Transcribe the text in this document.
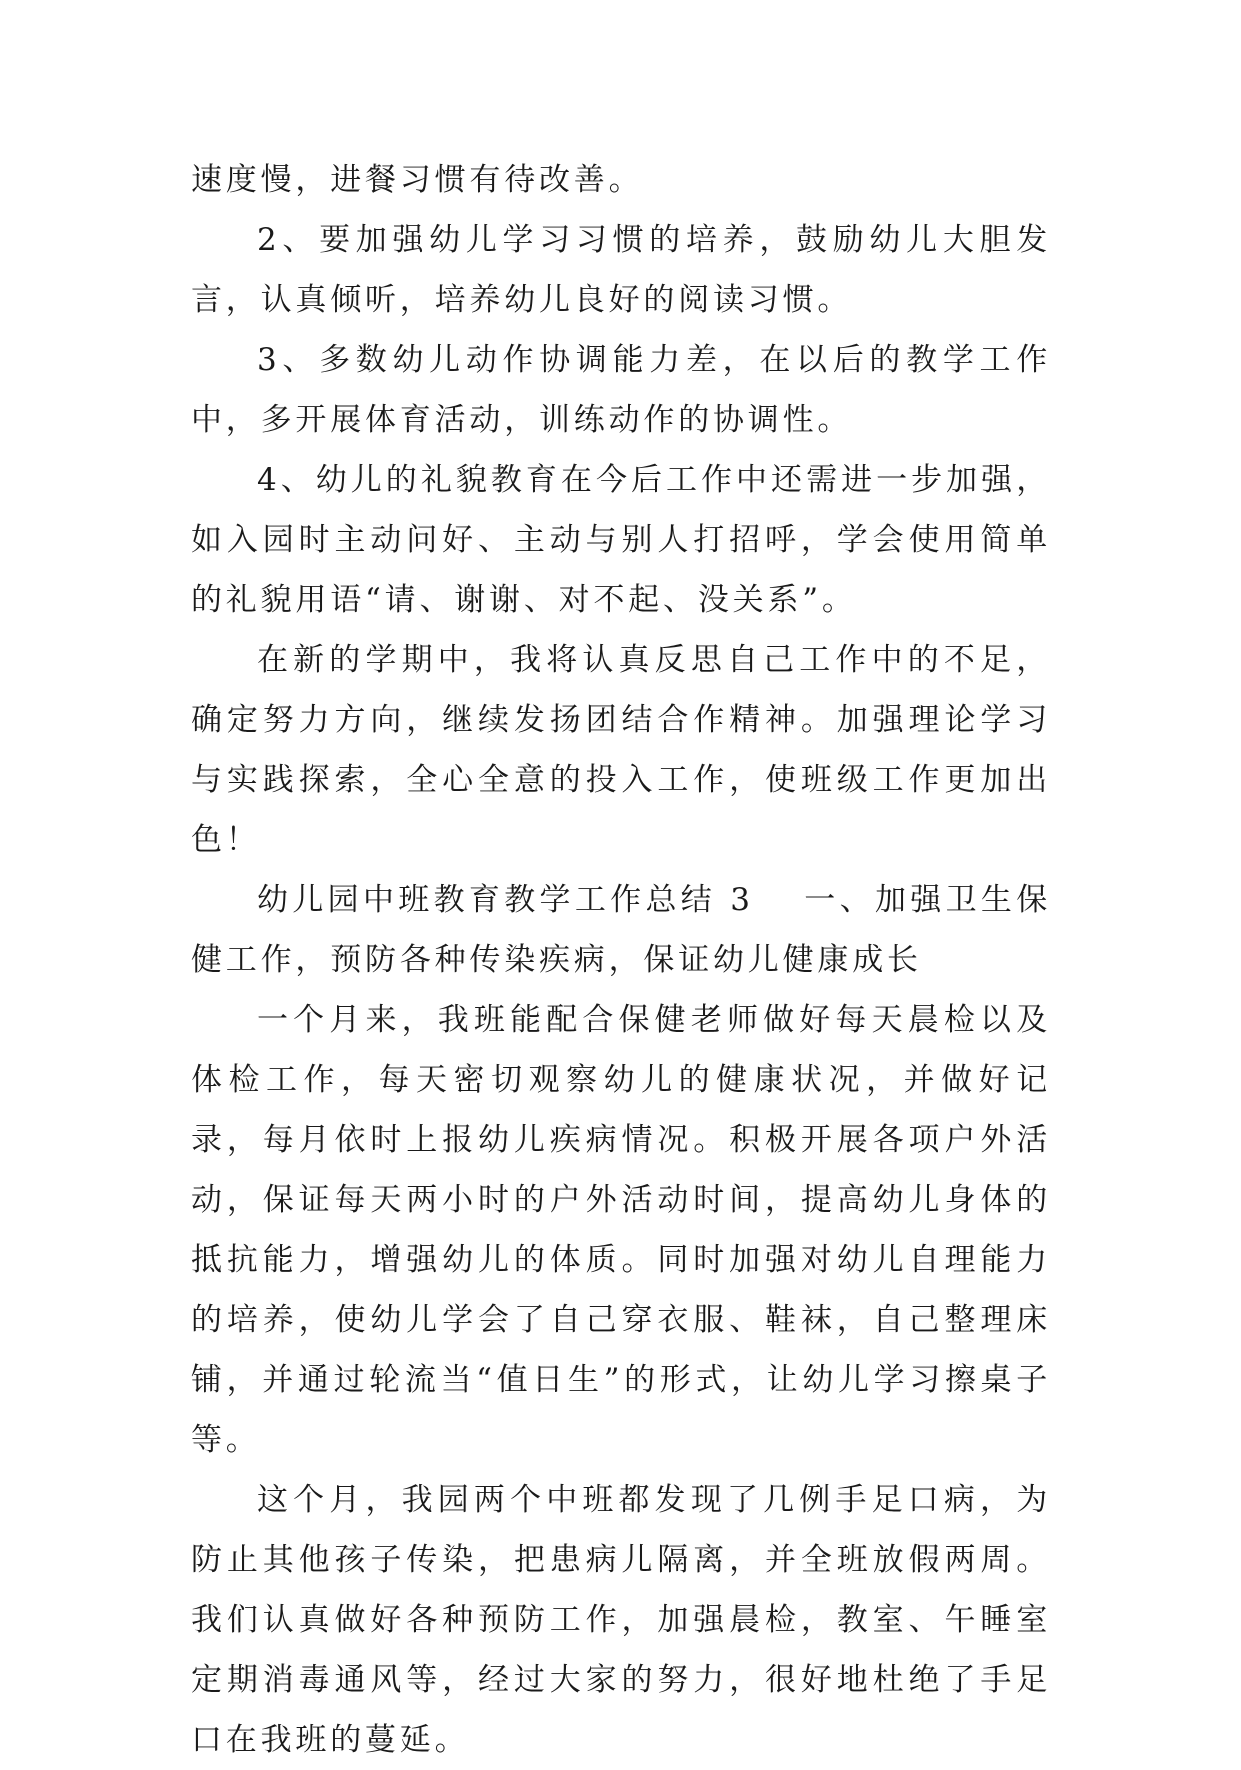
速度慢，进餐习惯有待改善。

2、要加强幼儿学习习惯的培养，鼓励幼儿大胆发言，认真倾听，培养幼儿良好的阅读习惯。

3、多数幼儿动作协调能力差，在以后的教学工作中，多开展体育活动，训练动作的协调性。

4、幼儿的礼貌教育在今后工作中还需进一步加强，如入园时主动问好、主动与别人打招呼，学会使用简单的礼貌用语“请、谢谢、对不起、没关系”。

在新的学期中，我将认真反思自己工作中的不足，确定努力方向，继续发扬团结合作精神。加强理论学习与实践探索，全心全意的投入工作，使班级工作更加出色！

幼儿园中班教育教学工作总结 3 一、加强卫生保健工作，预防各种传染疾病，保证幼儿健康成长

一个月来，我班能配合保健老师做好每天晨检以及体检工作，每天密切观察幼儿的健康状况，并做好记录，每月依时上报幼儿疾病情况。积极开展各项户外活动，保证每天两小时的户外活动时间，提高幼儿身体的抵抗能力，增强幼儿的体质。同时加强对幼儿自理能力的培养，使幼儿学会了自己穿衣服、鞋袜，自己整理床铺，并通过轮流当“值日生”的形式，让幼儿学习擦桌子等。

这个月，我园两个中班都发现了几例手足口病，为防止其他孩子传染，把患病儿隔离，并全班放假两周。我们认真做好各种预防工作，加强晨检，教室、午睡室定期消毒通风等，经过大家的努力，很好地杜绝了手足口在我班的蔓延。
